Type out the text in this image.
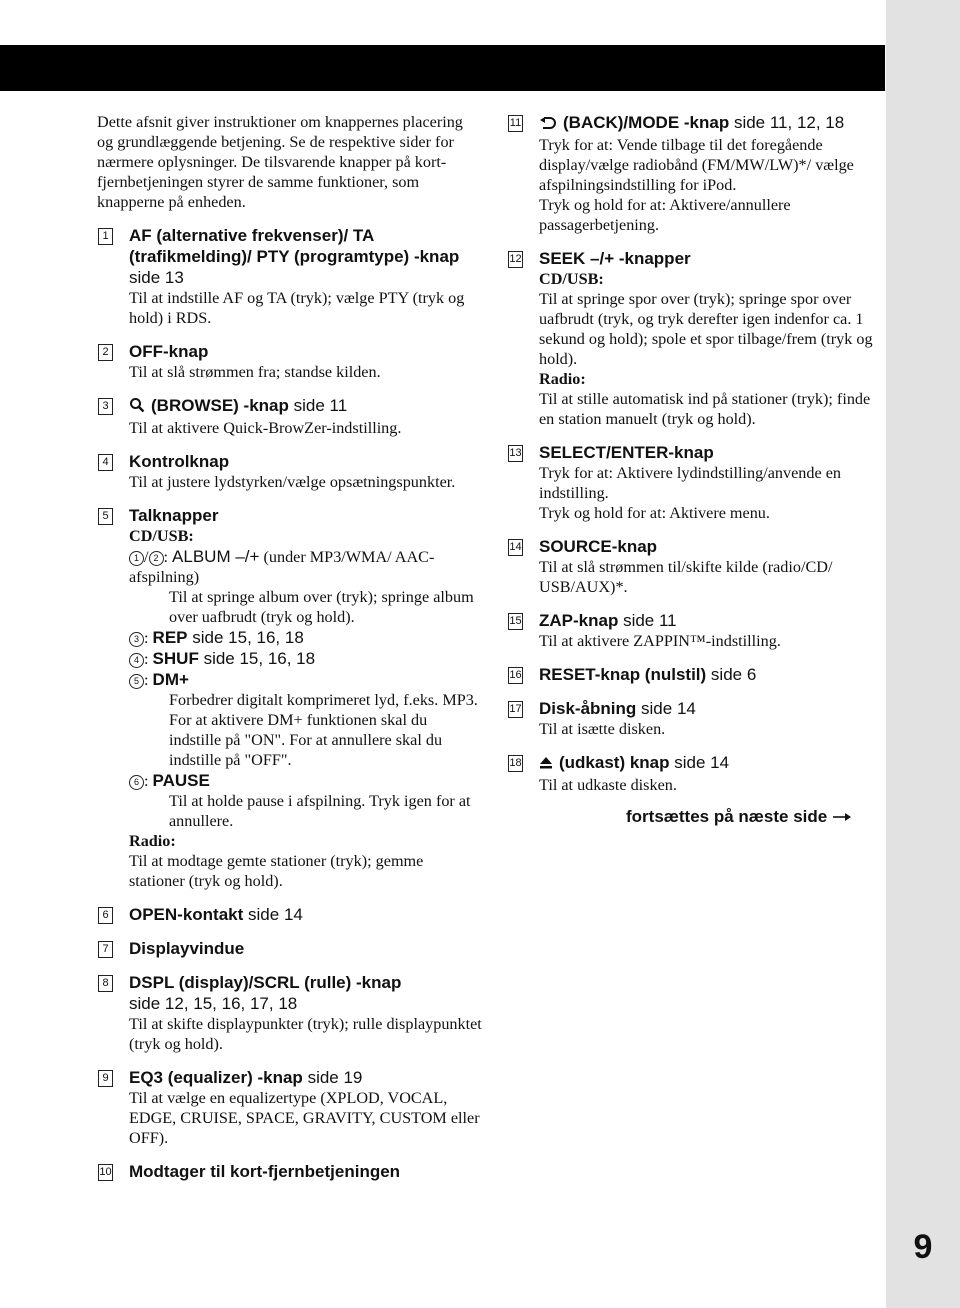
9

Dette afsnit giver instruktioner om knappernes placering og grundlæggende betjening. Se de respektive sider for nærmere oplysninger. De tilsvarende knapper på kort-fjernbetjeningen styrer de samme funktioner, som knapperne på enheden.

1 AF (alternative frekvenser)/ TA (trafikmelding)/ PTY (programtype) -knap side 13
Til at indstille AF og TA (tryk); vælge PTY (tryk og hold) i RDS.
2 OFF-knap
Til at slå strømmen fra; standse kilden.
3	(BROWSE) -knap side 11
Til at aktivere Quick-BrowZer-indstilling.
4 Kontrolknap
Til at justere lydstyrken/vælge opsætningspunkter.
5 Talknapper
CD/USB:
1 / 2 : ALBUM –/+ (under MP3/WMA/ AAC-afspilning)
Til at springe album over (tryk); springe album over uafbrudt (tryk og hold).
3 : REP side 15, 16, 18
4 : SHUF side 15, 16, 18
5 : DM+
Forbedrer digitalt komprimeret lyd, f.eks. MP3.
For at aktivere DM+ funktionen skal du indstille på "ON". For at annullere skal du indstille på "OFF".
6 : PAUSE
Til at holde pause i afspilning. Tryk igen for at annullere.
Radio:
Til at modtage gemte stationer (tryk); gemme stationer (tryk og hold).
6 OPEN-kontakt side 14
7 Displayvindue
8 DSPL (display)/SCRL (rulle) -knap
side 12, 15, 16, 17, 18
Til at skifte displaypunkter (tryk); rulle displaypunktet (tryk og hold).
9 EQ3 (equalizer) -knap side 19
Til at vælge en equalizertype (XPLOD, VOCAL, EDGE, CRUISE, SPACE, GRAVITY, CUSTOM eller OFF).
10 Modtager til kort-fjernbetjeningen
11	(BACK)/MODE -knap side 11, 12, 18
Tryk for at: Vende tilbage til det foregående display/vælge radiobånd (FM/MW/LW)*/ vælge afspilningsindstilling for iPod.
Tryk og hold for at: Aktivere/annullere passagerbetjening.
12 SEEK –/+ -knapper
CD/USB:
Til at springe spor over (tryk); springe spor over uafbrudt (tryk, og tryk derefter igen indenfor ca. 1 sekund og hold); spole et spor tilbage/frem (tryk og hold).
Radio:
Til at stille automatisk ind på stationer (tryk); finde en station manuelt (tryk og hold).
13 SELECT/ENTER-knap
Tryk for at: Aktivere lydindstilling/anvende en indstilling.
Tryk og hold for at: Aktivere menu.
14 SOURCE-knap
Til at slå strømmen til/skifte kilde (radio/CD/ USB/AUX)*.
15 ZAP-knap side 11
Til at aktivere ZAPPIN™-indstilling.
16 RESET-knap (nulstil) side 6
17 Disk-åbning side 14
Til at isætte disken.
18	(udkast) knap side 14
Til at udkaste disken.
fortsættes på næste side
